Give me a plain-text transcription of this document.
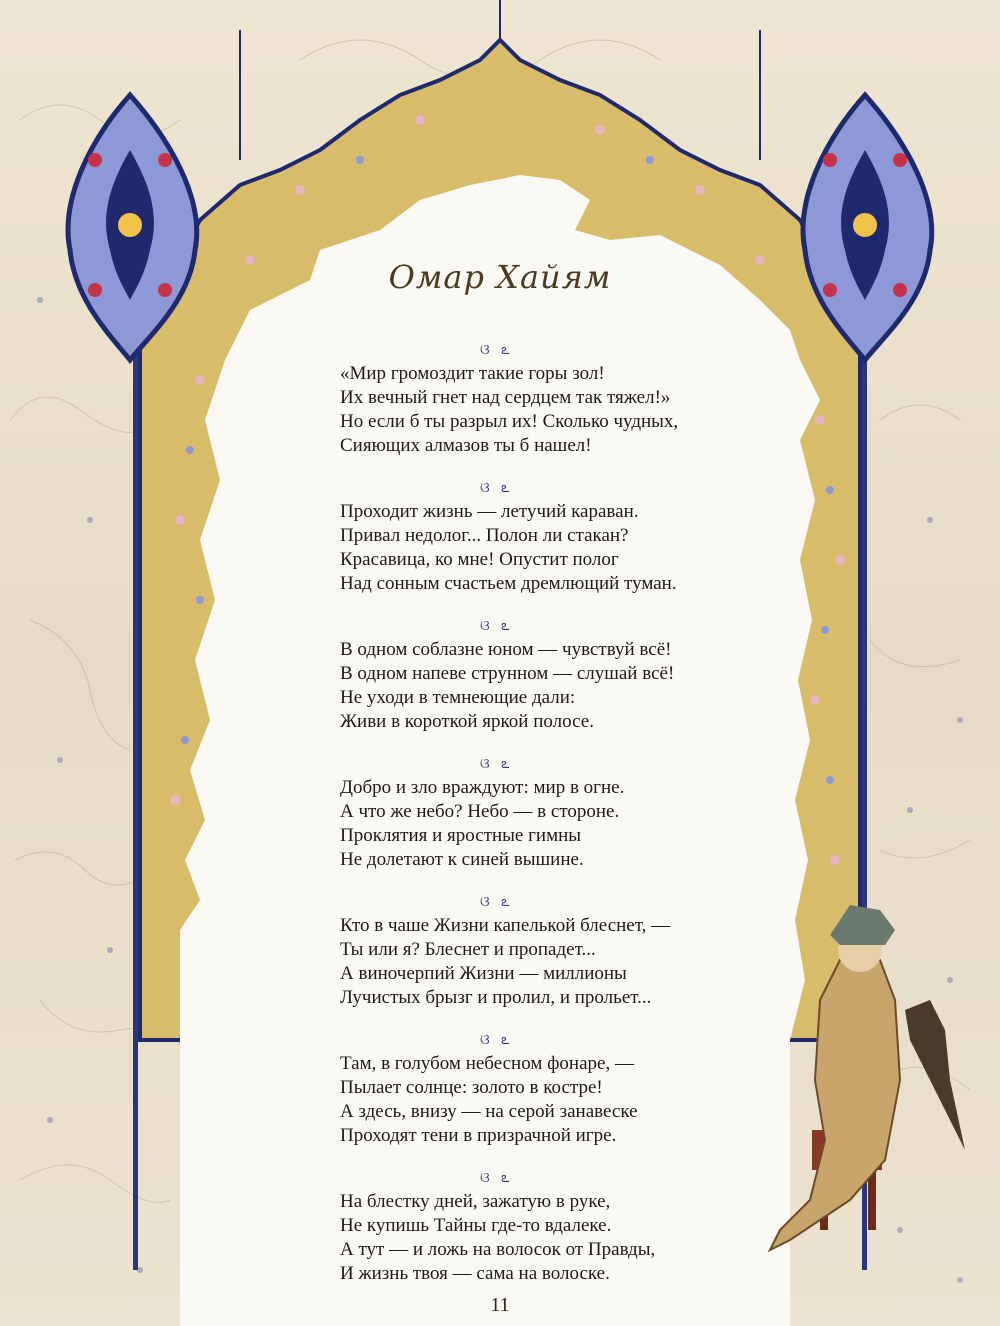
Омар Хайям
ଓ ఽ
«Мир громоздит такие горы зол!
Их вечный гнет над сердцем так тяжел!»
Но если б ты разрыл их! Сколько чудных,
Сияющих алмазов ты б нашел!
ଓ ఽ
Проходит жизнь — летучий караван.
Привал недолог... Полон ли стакан?
Красавица, ко мне! Опустит полог
Над сонным счастьем дремлющий туман.
ଓ ఽ
В одном соблазне юном — чувствуй всё!
В одном напеве струнном — слушай всё!
Не уходи в темнеющие дали:
Живи в короткой яркой полосе.
ଓ ఽ
Добро и зло враждуют: мир в огне.
А что же небо? Небо — в стороне.
Проклятия и яростные гимны
Не долетают к синей вышине.
ଓ ఽ
Кто в чаше Жизни капелькой блеснет, —
Ты или я? Блеснет и пропадет...
А виночерпий Жизни — миллионы
Лучистых брызг и пролил, и прольет...
ଓ ఽ
Там, в голубом небесном фонаре, —
Пылает солнце: золото в костре!
А здесь, внизу — на серой занавеске
Проходят тени в призрачной игре.
ଓ ఽ
На блестку дней, зажатую в руке,
Не купишь Тайны где-то вдалеке.
А тут — и ложь на волосок от Правды,
И жизнь твоя — сама на волоске.
11
